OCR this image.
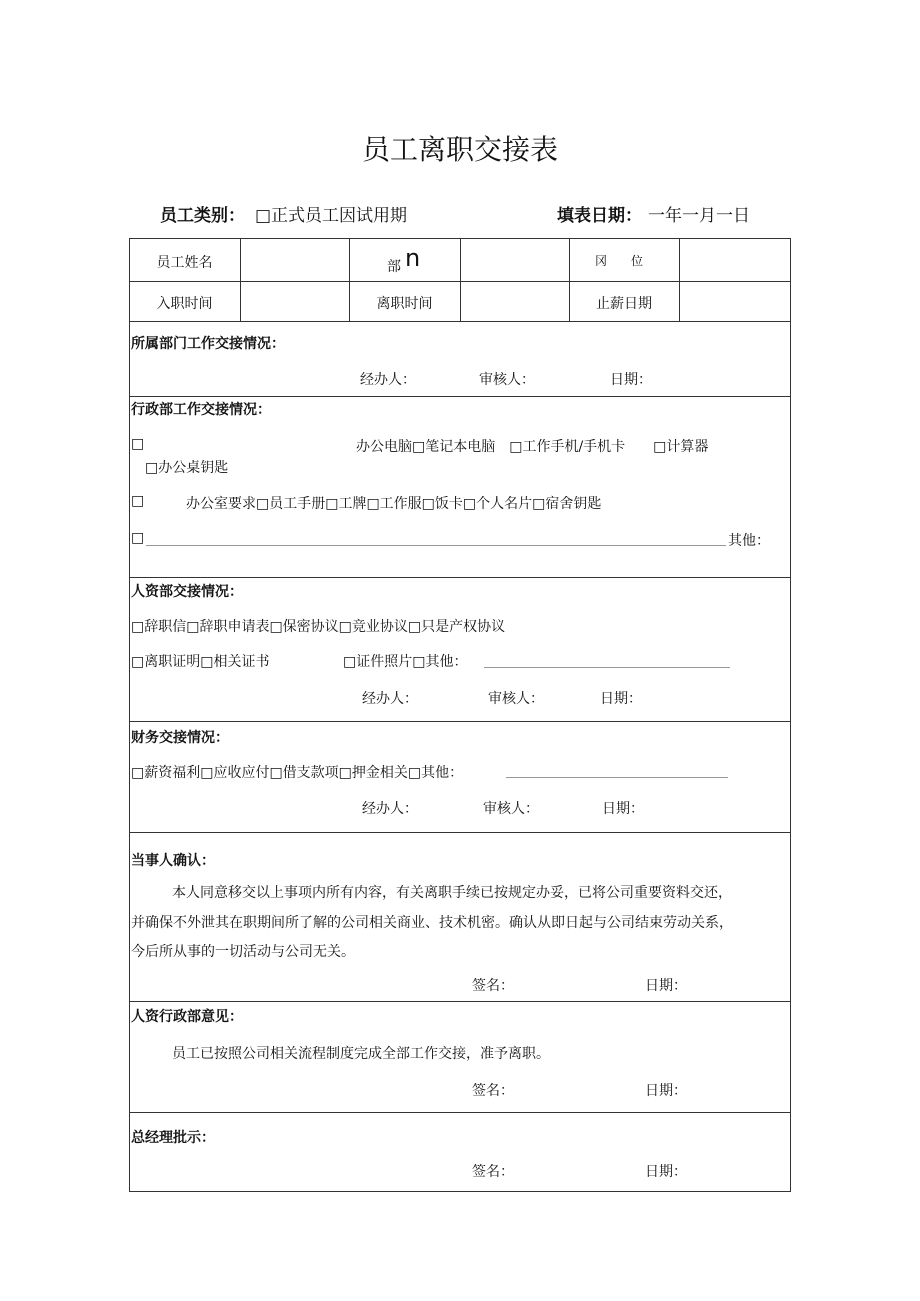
员工离职交接表
员工类别： □正式员工因试用期	填表日期： 一年一月一日
员工姓名	部 n	冈　　位
入职时间	离职时间	止薪日期
所属部门工作交接情况：
经办人：	审核人：	日期：
行政部工作交接情况：
□	办公电脑□笔记本电脑　□工作手机/手机卡　　□计算器
□办公桌钥匙
□	办公室要求□员工手册□工牌□工作服□饭卡□个人名片□宿舍钥匙
□	其他：
人资部交接情况：
□辞职信□辞职申请表□保密协议□竞业协议□只是产权协议
□离职证明□相关证书	□证件照片□其他：
经办人：	审核人：	日期：
财务交接情况：
□薪资福利□应收应付□借支款项□押金相关□其他：
经办人：	审核人：	日期：
当事人确认：
本人同意移交以上事项内所有内容，有关离职手续已按规定办妥，已将公司重要资料交还，
并确保不外泄其在职期间所了解的公司相关商业、技术机密。确认从即日起与公司结束劳动关系，
今后所从事的一切活动与公司无关。
签名：	日期：
人资行政部意见：
员工已按照公司相关流程制度完成全部工作交接，准予离职。
签名：	日期：
总经理批示：
签名：	日期：
